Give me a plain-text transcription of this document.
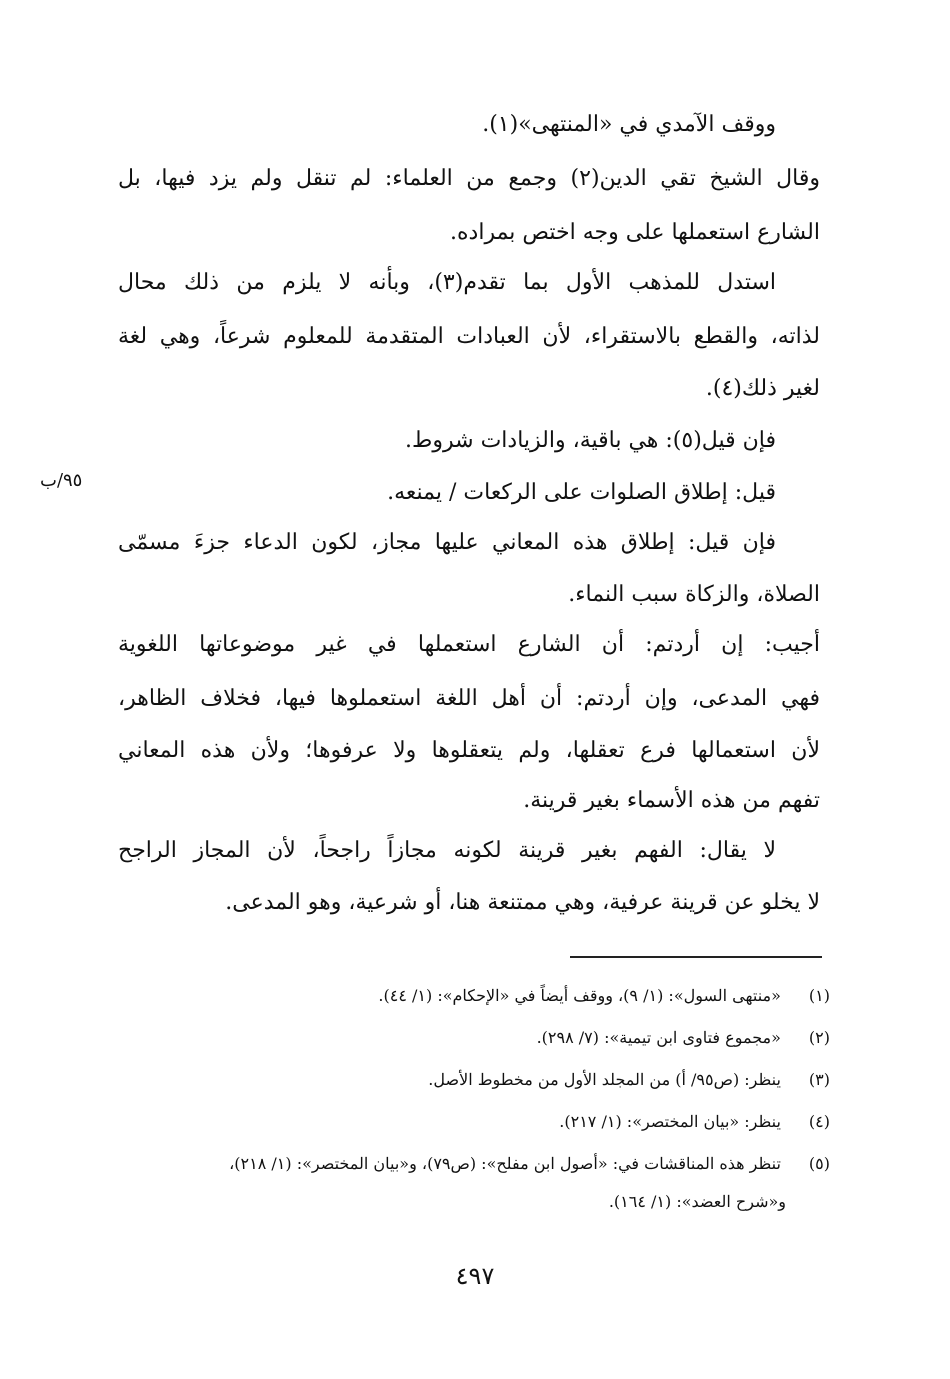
ووقف الآمدي في «المنتهى»(١).
وقال الشيخ تقي الدين(٢) وجمع من العلماء: لم تنقل ولم يزد فيها، بل
الشارع استعملها على وجه اختص بمراده.
استدل للمذهب الأول بما تقدم(٣)، وبأنه لا يلزم من ذلك محال
لذاته، والقطع بالاستقراء، لأن العبادات المتقدمة للمعلوم شرعاً، وهي لغة
لغير ذلك(٤).
فإن قيل(٥): هي باقية، والزيادات شروط.
قيل: إطلاق الصلوات على الركعات / يمنعه.
فإن قيل: إطلاق هذه المعاني عليها مجاز، لكون الدعاء جزءَ مسمّى
الصلاة، والزكاة سبب النماء.
أجيب: إن أردتم: أن الشارع استعملها في غير موضوعاتها اللغوية
فهي المدعى، وإن أردتم: أن أهل اللغة استعملوها فيها، فخلاف الظاهر،
لأن استعمالها فرع تعقلها، ولم يتعقلوها ولا عرفوها؛ ولأن هذه المعاني
تفهم من هذه الأسماء بغير قرينة.
لا يقال: الفهم بغير قرينة لكونه مجازاً راجحاً، لأن المجاز الراجح
لا يخلو عن قرينة عرفية، وهي ممتنعة هنا، أو شرعية، وهو المدعى.
٩٥/ب
(١) «منتهى السول»: (١/ ٩)، ووقف أيضاً في «الإحكام»: (١/ ٤٤).
(٢) «مجموع فتاوى ابن تيمية»: (٧/ ٢٩٨).
(٣) ينظر: (ص٩٥/ أ) من المجلد الأول من مخطوط الأصل.
(٤) ينظر: «بيان المختصر»: (١/ ٢١٧).
(٥) تنظر هذه المناقشات في: «أصول ابن مفلح»: (ص٧٩)، و«بيان المختصر»: (١/ ٢١٨)،
و«شرح العضد»: (١/ ١٦٤).
٤٩٧
